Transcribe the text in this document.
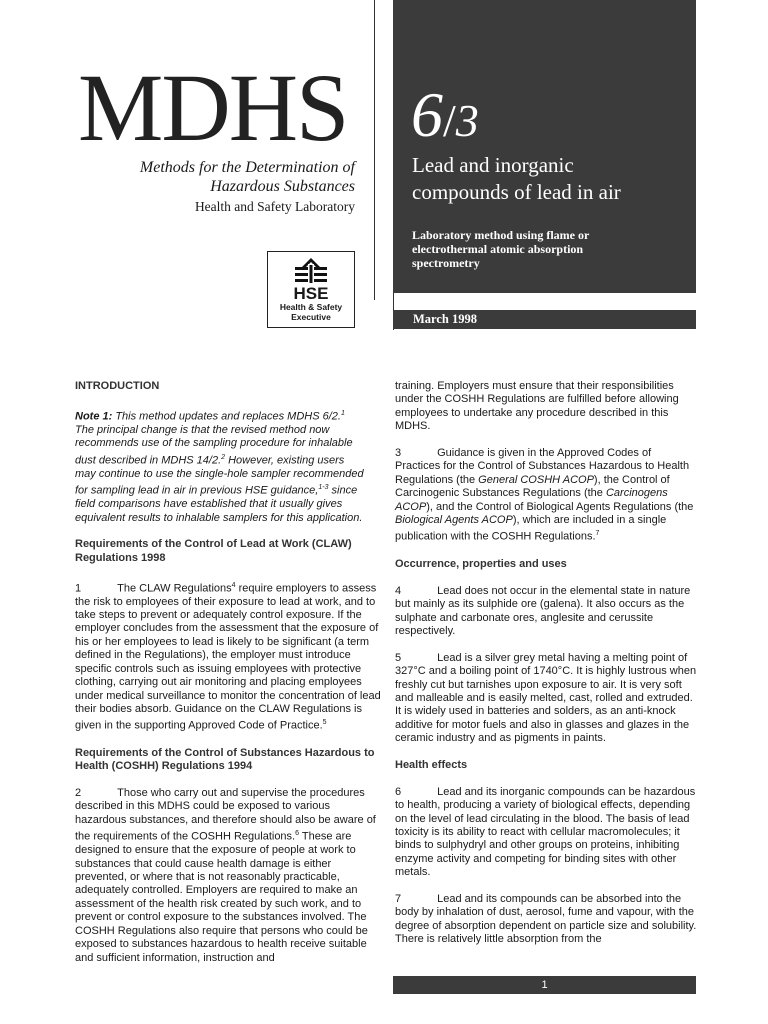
MDHS
Methods for the Determination of
Hazardous Substances
Health and Safety Laboratory
HSE
Health & Safety
Executive
6/3
Lead and inorganic
compounds of lead in air
Laboratory method using flame or
electrothermal atomic absorption
spectrometry
March 1998

INTRODUCTION

Note 1: This method updates and replaces MDHS 6/2.$^1$
The principal change is that the revised method now
recommends use of the sampling procedure for inhalable
dust described in MDHS 14/2.$^2$ However, existing users
may continue to use the single-hole sampler recommended
for sampling lead in air in previous HSE guidance,$^{1-3}$ since
field comparisons have established that it usually gives
equivalent results to inhalable samplers for this application.

Requirements of the Control of Lead at Work (CLAW) Regulations 1998

1	The CLAW Regulations$^4$ require employers to assess the risk to employees of their exposure to lead at work, and to take steps to prevent or adequately control exposure. If the employer concludes from the assessment that the exposure of his or her employees to lead is likely to be significant (a term defined in the Regulations), the employer must introduce specific controls such as issuing employees with protective clothing, carrying out air monitoring and placing employees under medical surveillance to monitor the concentration of lead their bodies absorb. Guidance on the CLAW Regulations is given in the supporting Approved Code of Practice.$^5$

Requirements of the Control of Substances Hazardous to Health (COSHH) Regulations 1994

2	Those who carry out and supervise the procedures described in this MDHS could be exposed to various hazardous substances, and therefore should also be aware of the requirements of the COSHH Regulations.$^6$ These are designed to ensure that the exposure of people at work to substances that could cause health damage is either prevented, or where that is not reasonably practicable, adequately controlled. Employers are required to make an assessment of the health risk created by such work, and to prevent or control exposure to the substances involved. The COSHH Regulations also require that persons who could be exposed to substances hazardous to health receive suitable and sufficient information, instruction and

training. Employers must ensure that their responsibilities under the COSHH Regulations are fulfilled before allowing employees to undertake any procedure described in this MDHS.

3	Guidance is given in the Approved Codes of Practices for the Control of Substances Hazardous to Health Regulations (the General COSHH ACOP), the Control of Carcinogenic Substances Regulations (the Carcinogens ACOP), and the Control of Biological Agents Regulations (the Biological Agents ACOP), which are included in a single publication with the COSHH Regulations.$^7$

Occurrence, properties and uses

4	Lead does not occur in the elemental state in nature but mainly as its sulphide ore (galena). It also occurs as the sulphate and carbonate ores, anglesite and cerussite respectively.

5	Lead is a silver grey metal having a melting point of 327°C and a boiling point of 1740°C. It is highly lustrous when freshly cut but tarnishes upon exposure to air. It is very soft and malleable and is easily melted, cast, rolled and extruded. It is widely used in batteries and solders, as an anti-knock additive for motor fuels and also in glasses and glazes in the ceramic industry and as pigments in paints.

Health effects

6	Lead and its inorganic compounds can be hazardous to health, producing a variety of biological effects, depending on the level of lead circulating in the blood. The basis of lead toxicity is its ability to react with cellular macromolecules; it binds to sulphydryl and other groups on proteins, inhibiting enzyme activity and competing for binding sites with other metals.

7	Lead and its compounds can be absorbed into the body by inhalation of dust, aerosol, fume and vapour, with the degree of absorption dependent on particle size and solubility. There is relatively little absorption from the

1
